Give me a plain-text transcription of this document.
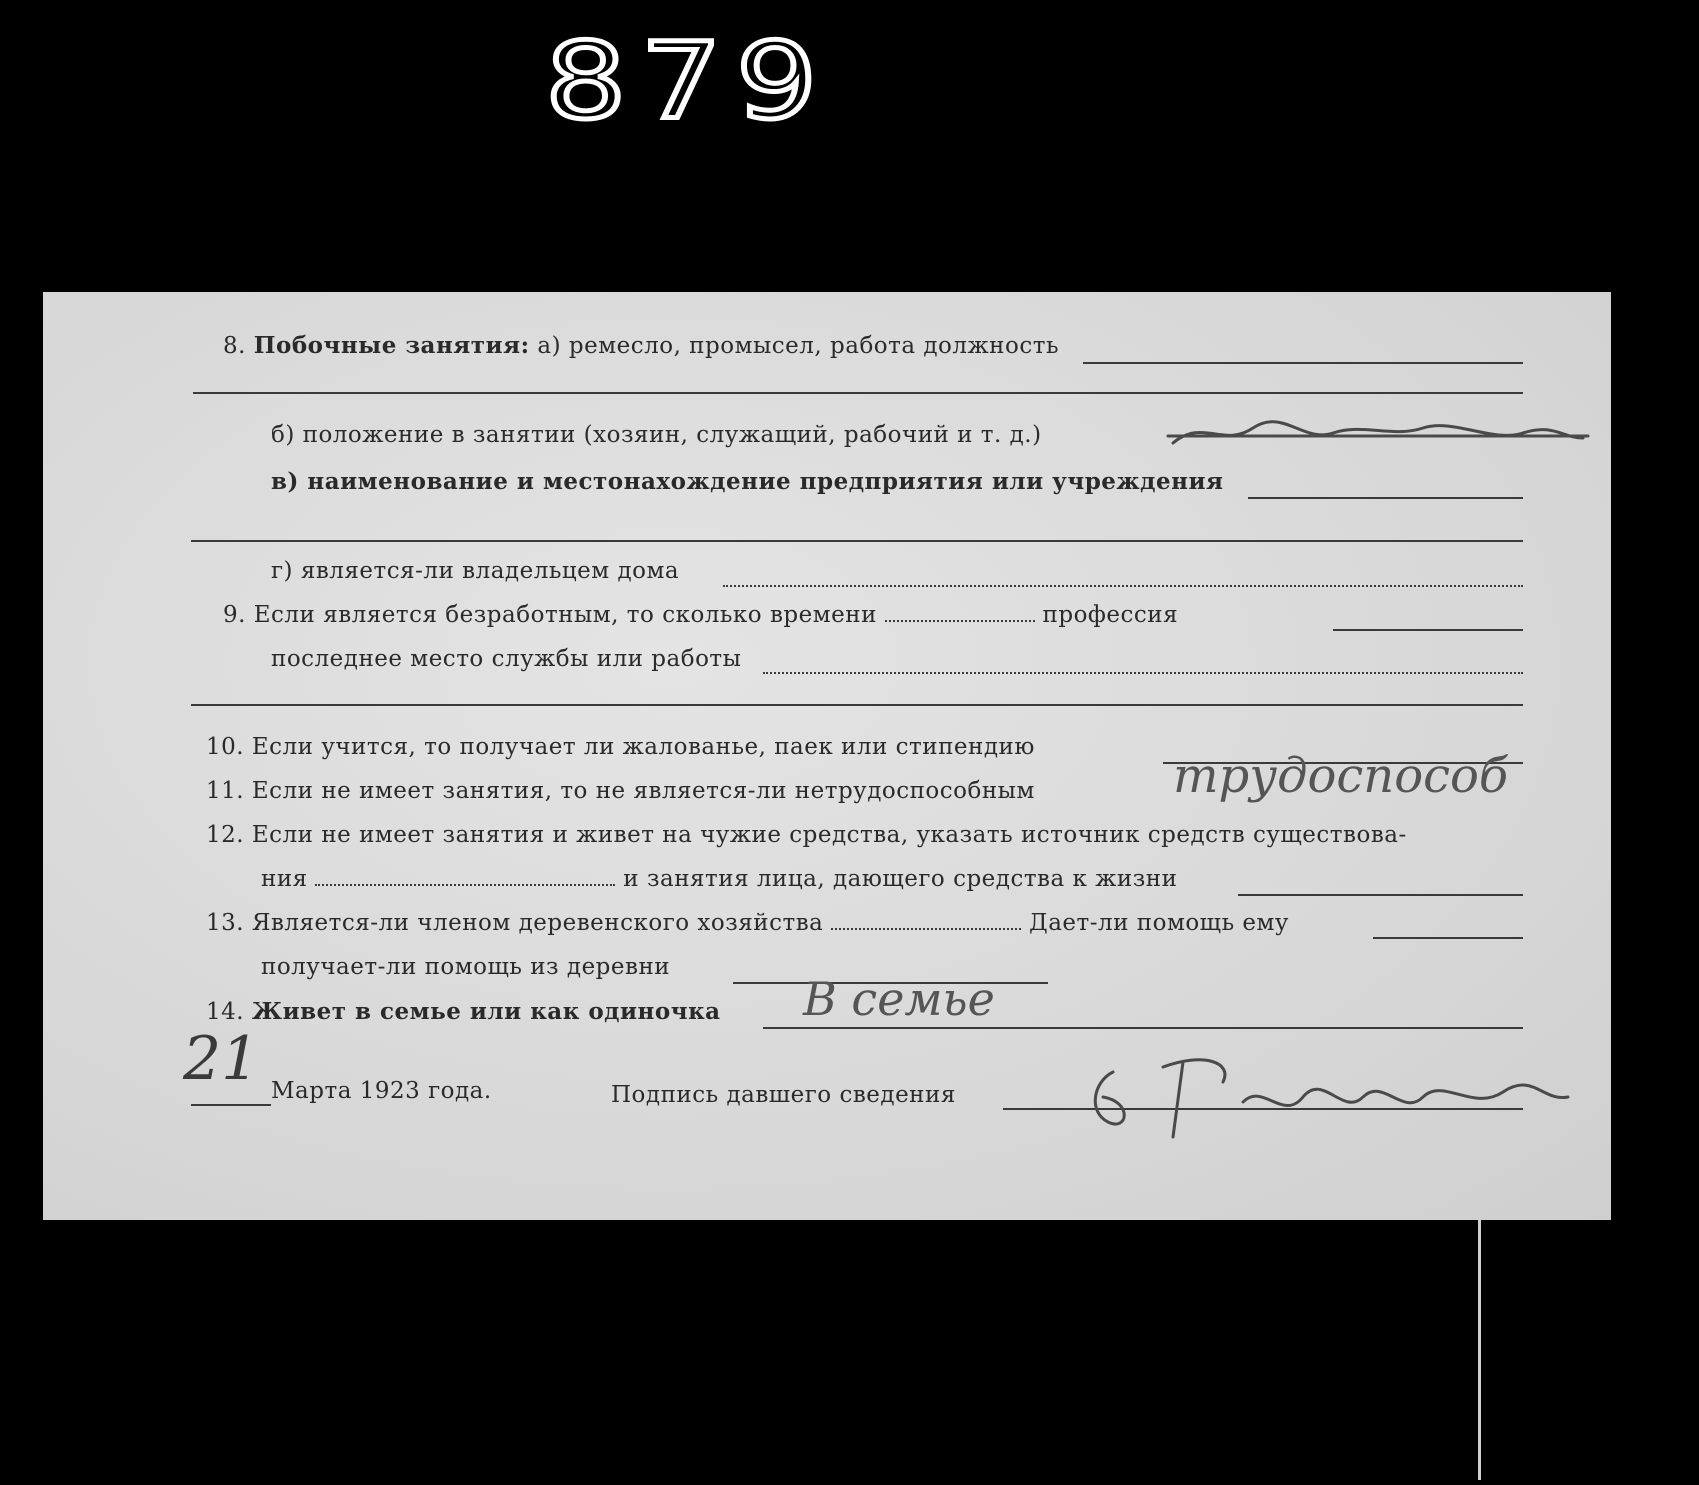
879
8. Побочные занятия: а) ремесло, промысел, работа должность
б) положение в занятии (хозяин, служащий, рабочий и т. д.)
в) наименование и местонахождение предприятия или учреждения
г) является-ли владельцем дома
9. Если является безработным, то сколько времени	профессия
последнее место службы или работы
10. Если учится, то получает ли жалованье, паек или стипендию
11. Если не имеет занятия, то не является-ли нетрудоспособным	трудоспособ
12. Если не имеет занятия и живет на чужие средства, указать источник средств существова-
ния	и занятия лица, дающего средства к жизни
13. Является-ли членом деревенского хозяйства	Дает-ли помощь ему
получает-ли помощь из деревни
14. Живет в семье или как одиночка В семье
21 Марта 1923 года.	Подпись давшего сведения
